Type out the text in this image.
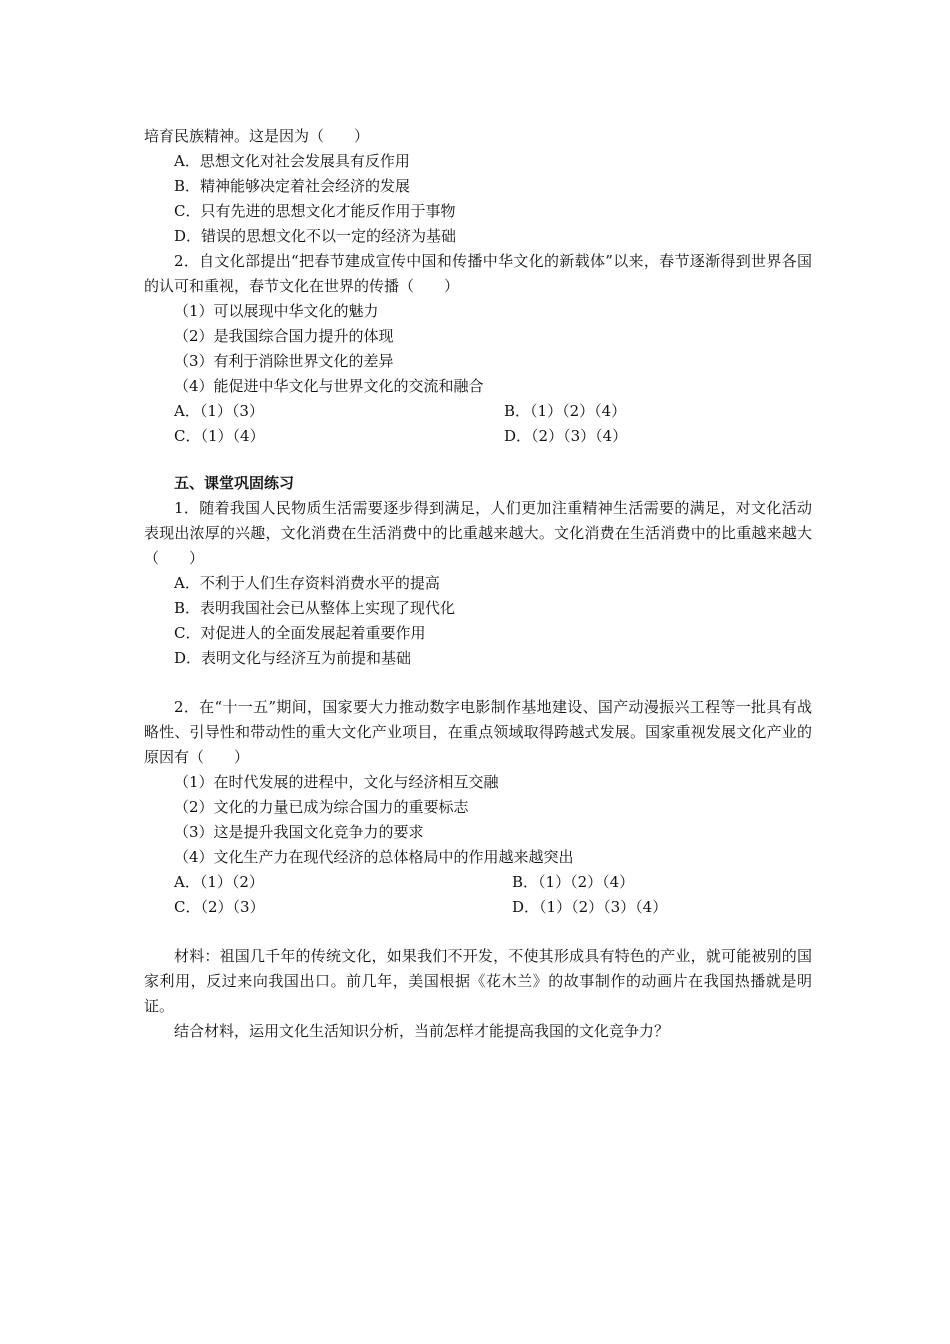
培育民族精神。这是因为（　　）
A．思想文化对社会发展具有反作用
B．精神能够决定着社会经济的发展
C．只有先进的思想文化才能反作用于事物
D．错误的思想文化不以一定的经济为基础
2．自文化部提出“把春节建成宣传中国和传播中华文化的新载体”以来，春节逐渐得到世界各国的认可和重视，春节文化在世界的传播（　　）
（1）可以展现中华文化的魅力
（2）是我国综合国力提升的体现
（3）有利于消除世界文化的差异
（4）能促进中华文化与世界文化的交流和融合
A．（1）（3）	B．（1）（2）（4）
C．（1）（4）	D．（2）（3）（4）
五、课堂巩固练习
1．随着我国人民物质生活需要逐步得到满足，人们更加注重精神生活需要的满足，对文化活动表现出浓厚的兴趣，文化消费在生活消费中的比重越来越大。文化消费在生活消费中的比重越来越大（　　）
A．不利于人们生存资料消费水平的提高
B．表明我国社会已从整体上实现了现代化
C．对促进人的全面发展起着重要作用
D．表明文化与经济互为前提和基础
2．在“十一五”期间，国家要大力推动数字电影制作基地建设、国产动漫振兴工程等一批具有战略性、引导性和带动性的重大文化产业项目，在重点领域取得跨越式发展。国家重视发展文化产业的原因有（　　）
（1）在时代发展的进程中，文化与经济相互交融
（2）文化的力量已成为综合国力的重要标志
（3）这是提升我国文化竞争力的要求
（4）文化生产力在现代经济的总体格局中的作用越来越突出
A．（1）（2）	B．（1）（2）（4）
C．（2）（3）	D．（1）（2）（3）（4）
材料：祖国几千年的传统文化，如果我们不开发，不使其形成具有特色的产业，就可能被别的国家利用，反过来向我国出口。前几年，美国根据《花木兰》的故事制作的动画片在我国热播就是明证。
结合材料，运用文化生活知识分析，当前怎样才能提高我国的文化竞争力？
